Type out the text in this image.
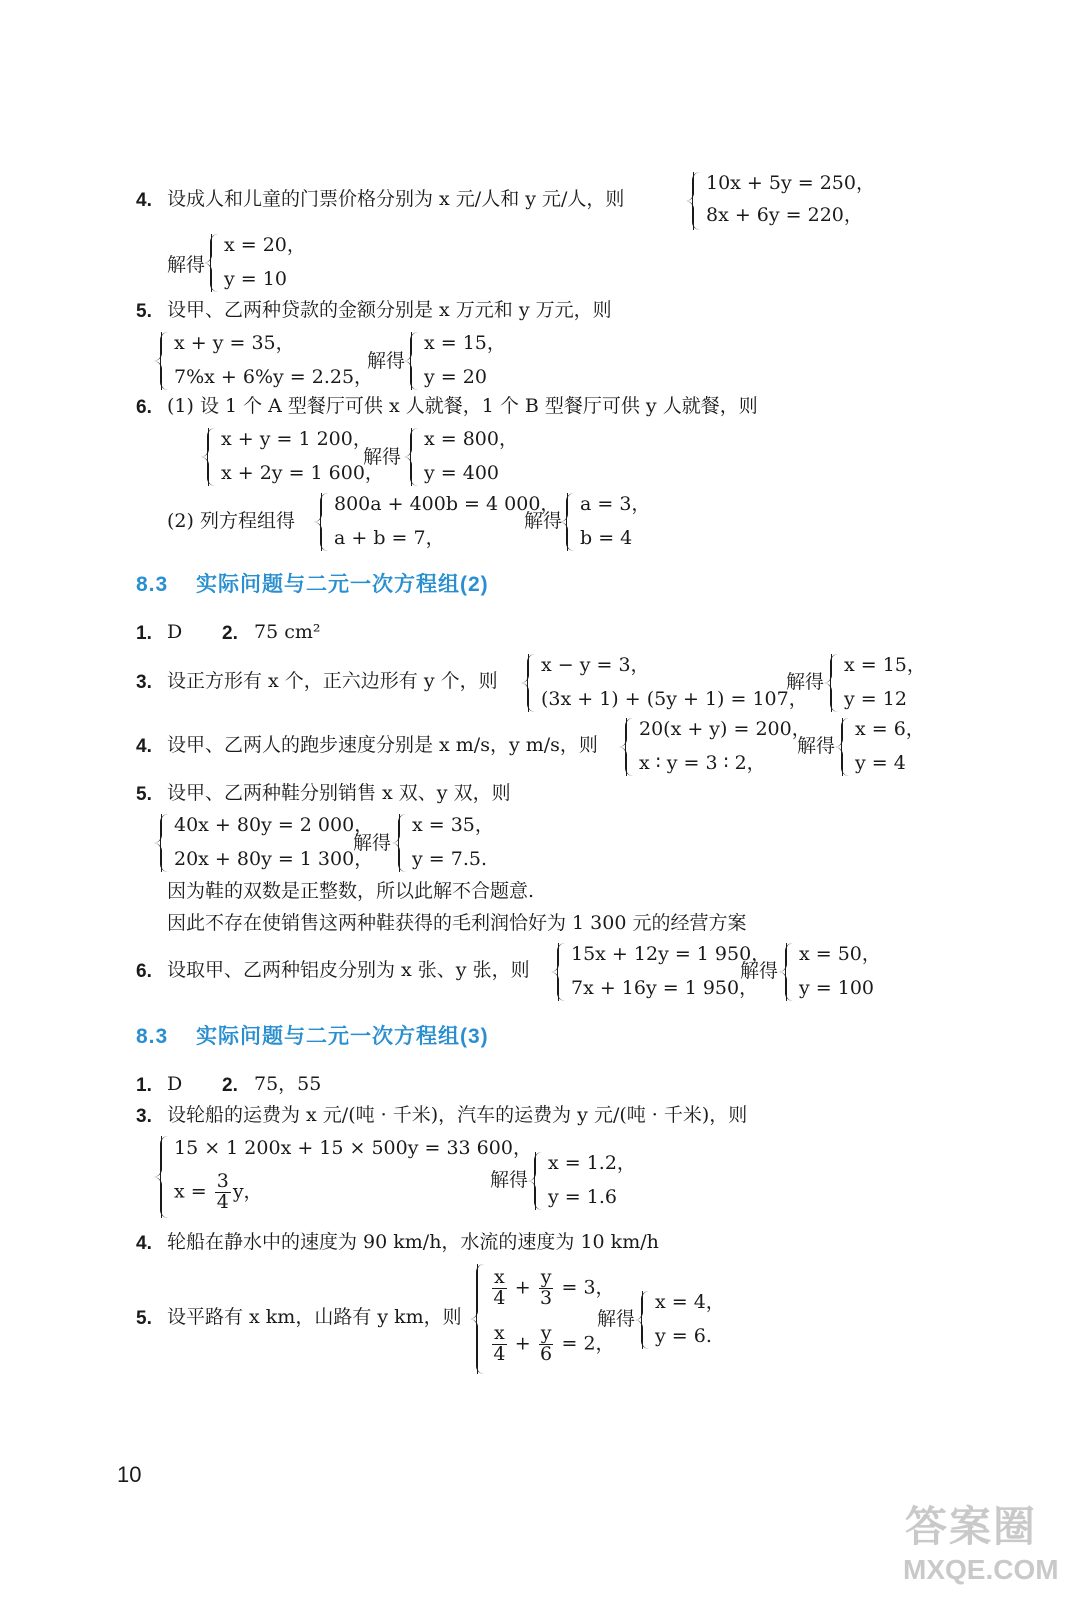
4. 设成人和儿童的门票价格分别为 x 元/人和 y 元/人，则
10x + 5y = 250，
8x + 6y = 220，
解得
x = 20，
y = 10
5. 设甲、乙两种贷款的金额分别是 x 万元和 y 万元，则
x + y = 35，
7%x + 6%y = 2.25，
解得
x = 15，
y = 20
6. (1) 设 1 个 A 型餐厅可供 x 人就餐，1 个 B 型餐厅可供 y 人就餐，则
x + y = 1 200，
x + 2y = 1 600，
解得
x = 800，
y = 400
(2) 列方程组得
800a + 400b = 4 000，
a + b = 7，
解得
a = 3，
b = 4
8.3 实际问题与二元一次方程组(2)
1. D 2. 75 cm²
3. 设正方形有 x 个，正六边形有 y 个，则
x − y = 3，
(3x + 1) + (5y + 1) = 107，
解得
x = 15，
y = 12
4. 设甲、乙两人的跑步速度分别是 x m/s，y m/s，则
20(x + y) = 200，
x ∶ y = 3 ∶ 2，
解得
x = 6，
y = 4
5. 设甲、乙两种鞋分别销售 x 双、y 双，则
40x + 80y = 2 000，
20x + 80y = 1 300，
解得
x = 35，
y = 7.5.
因为鞋的双数是正整数，所以此解不合题意.
因此不存在使销售这两种鞋获得的毛利润恰好为 1 300 元的经营方案
6. 设取甲、乙两种铝皮分别为 x 张、y 张，则
15x + 12y = 1 950，
7x + 16y = 1 950，
解得
x = 50，
y = 100
8.3 实际问题与二元一次方程组(3)
1. D 2. 75，55
3. 设轮船的运费为 x 元/(吨 · 千米)，汽车的运费为 y 元/(吨 · 千米)，则
15 × 1 200x + 15 × 500y = 33 600，
$x = \frac{3}{4}$ y，
解得
x = 1.2，
y = 1.6
4. 轮船在静水中的速度为 90 km/h，水流的速度为 10 km/h
5. 设平路有 x km，山路有 y km，则
$\frac{x}{4} + \frac{y}{3} = 3$，
$\frac{x}{4} + \frac{y}{6} = 2$，
解得
x = 4，
y = 6.
10
答案圈
MXQE.COM
